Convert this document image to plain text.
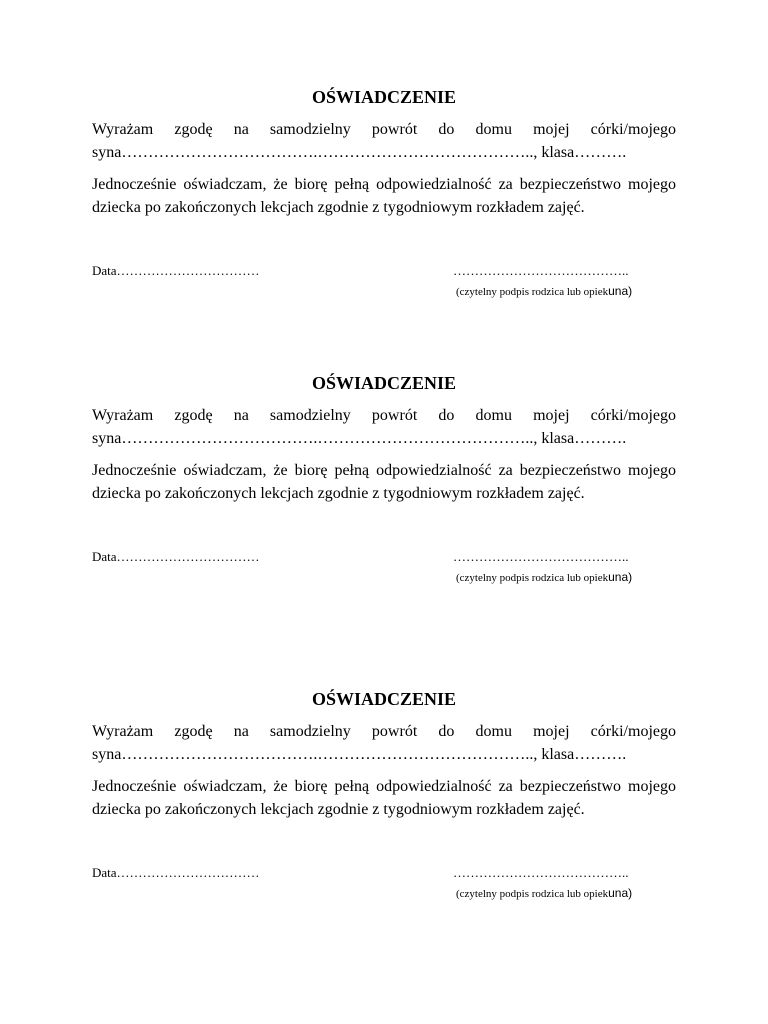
OŚWIADCZENIE

Wyrażam zgodę na samodzielny powrót do domu mojej córki/mojego syna……………………………….………………………………….., klasa……….

Jednocześnie oświadczam, że biorę pełną odpowiedzialność za bezpieczeństwo mojego dziecka po zakończonych lekcjach zgodnie z tygodniowym rozkładem zajęć.

Data……………………………	…………………………………..
(czytelny podpis rodzica lub opiekuna)
OŚWIADCZENIE

Wyrażam zgodę na samodzielny powrót do domu mojej córki/mojego syna……………………………….………………………………….., klasa……….

Jednocześnie oświadczam, że biorę pełną odpowiedzialność za bezpieczeństwo mojego dziecka po zakończonych lekcjach zgodnie z tygodniowym rozkładem zajęć.

Data……………………………	…………………………………..
(czytelny podpis rodzica lub opiekuna)
OŚWIADCZENIE

Wyrażam zgodę na samodzielny powrót do domu mojej córki/mojego syna……………………………….………………………………….., klasa……….

Jednocześnie oświadczam, że biorę pełną odpowiedzialność za bezpieczeństwo mojego dziecka po zakończonych lekcjach zgodnie z tygodniowym rozkładem zajęć.

Data……………………………	…………………………………..
(czytelny podpis rodzica lub opiekuna)
